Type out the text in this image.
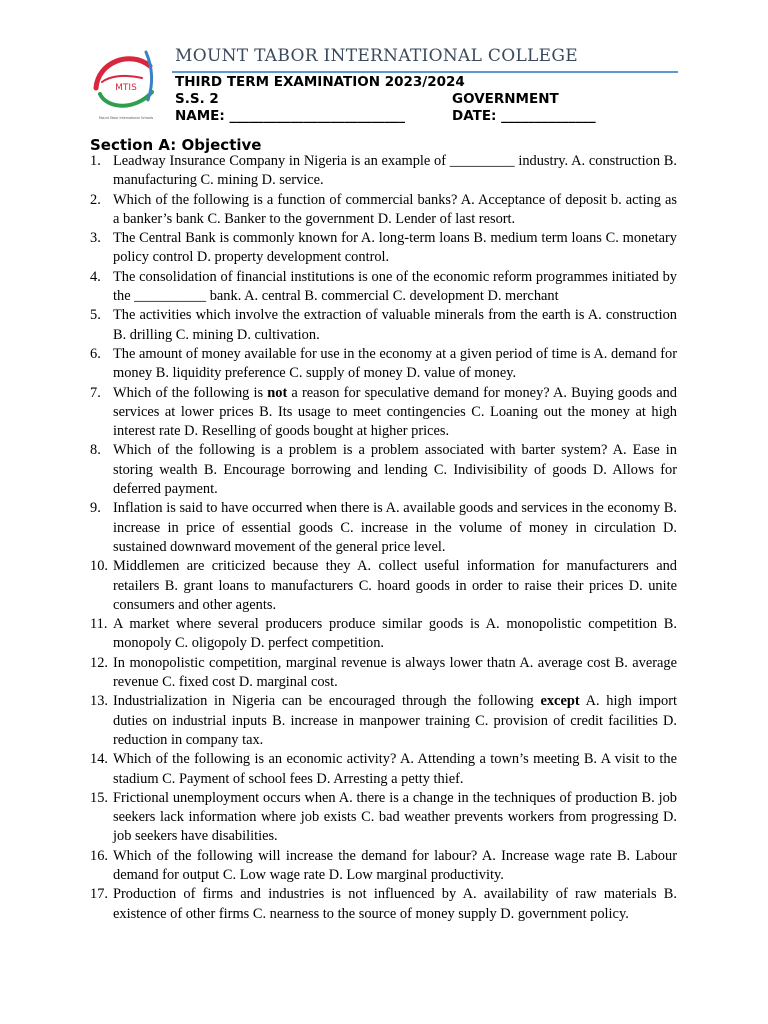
MTIS
Mount Tabor International Schools
MOUNT TABOR INTERNATIONAL COLLEGE
THIRD TERM EXAMINATION 2023/2024
S.S. 2	GOVERNMENT
NAME: __________________________	DATE: ______________
Section A: Objective
1. Leadway Insurance Company in Nigeria is an example of _________ industry. A. construction B. manufacturing C. mining D. service.
2. Which of the following is a function of commercial banks? A. Acceptance of deposit b. acting as a banker’s bank C. Banker to the government D. Lender of last resort.
3. The Central Bank is commonly known for A. long-term loans B. medium term loans C. monetary policy control D. property development control.
4. The consolidation of financial institutions is one of the economic reform programmes initiated by the __________ bank. A. central B. commercial C. development D. merchant
5. The activities which involve the extraction of valuable minerals from the earth is A. construction B. drilling C. mining D. cultivation.
6. The amount of money available for use in the economy at a given period of time is A. demand for money B. liquidity preference C. supply of money D. value of money.
7. Which of the following is not a reason for speculative demand for money? A. Buying goods and services at lower prices B. Its usage to meet contingencies C. Loaning out the money at high interest rate D. Reselling of goods bought at higher prices.
8. Which of the following is a problem is a problem associated with barter system? A. Ease in storing wealth B. Encourage borrowing and lending C. Indivisibility of goods D. Allows for deferred payment.
9. Inflation is said to have occurred when there is A. available goods and services in the economy B. increase in price of essential goods C. increase in the volume of money in circulation D. sustained downward movement of the general price level.
10. Middlemen are criticized because they A. collect useful information for manufacturers and retailers B. grant loans to manufacturers C. hoard goods in order to raise their prices D. unite consumers and other agents.
11. A market where several producers produce similar goods is A. monopolistic competition B. monopoly C. oligopoly D. perfect competition.
12. In monopolistic competition, marginal revenue is always lower thatn A. average cost B. average revenue C. fixed cost D. marginal cost.
13. Industrialization in Nigeria can be encouraged through the following except A. high import duties on industrial inputs B. increase in manpower training C. provision of credit facilities D. reduction in company tax.
14. Which of the following is an economic activity? A. Attending a town’s meeting B. A visit to the stadium C. Payment of school fees D. Arresting a petty thief.
15. Frictional unemployment occurs when A. there is a change in the techniques of production B. job seekers lack information where job exists C. bad weather prevents workers from progressing D. job seekers have disabilities.
16. Which of the following will increase the demand for labour? A. Increase wage rate B. Labour demand for output C. Low wage rate D. Low marginal productivity.
17. Production of firms and industries is not influenced by A. availability of raw materials B. existence of other firms C. nearness to the source of money supply D. government policy.
